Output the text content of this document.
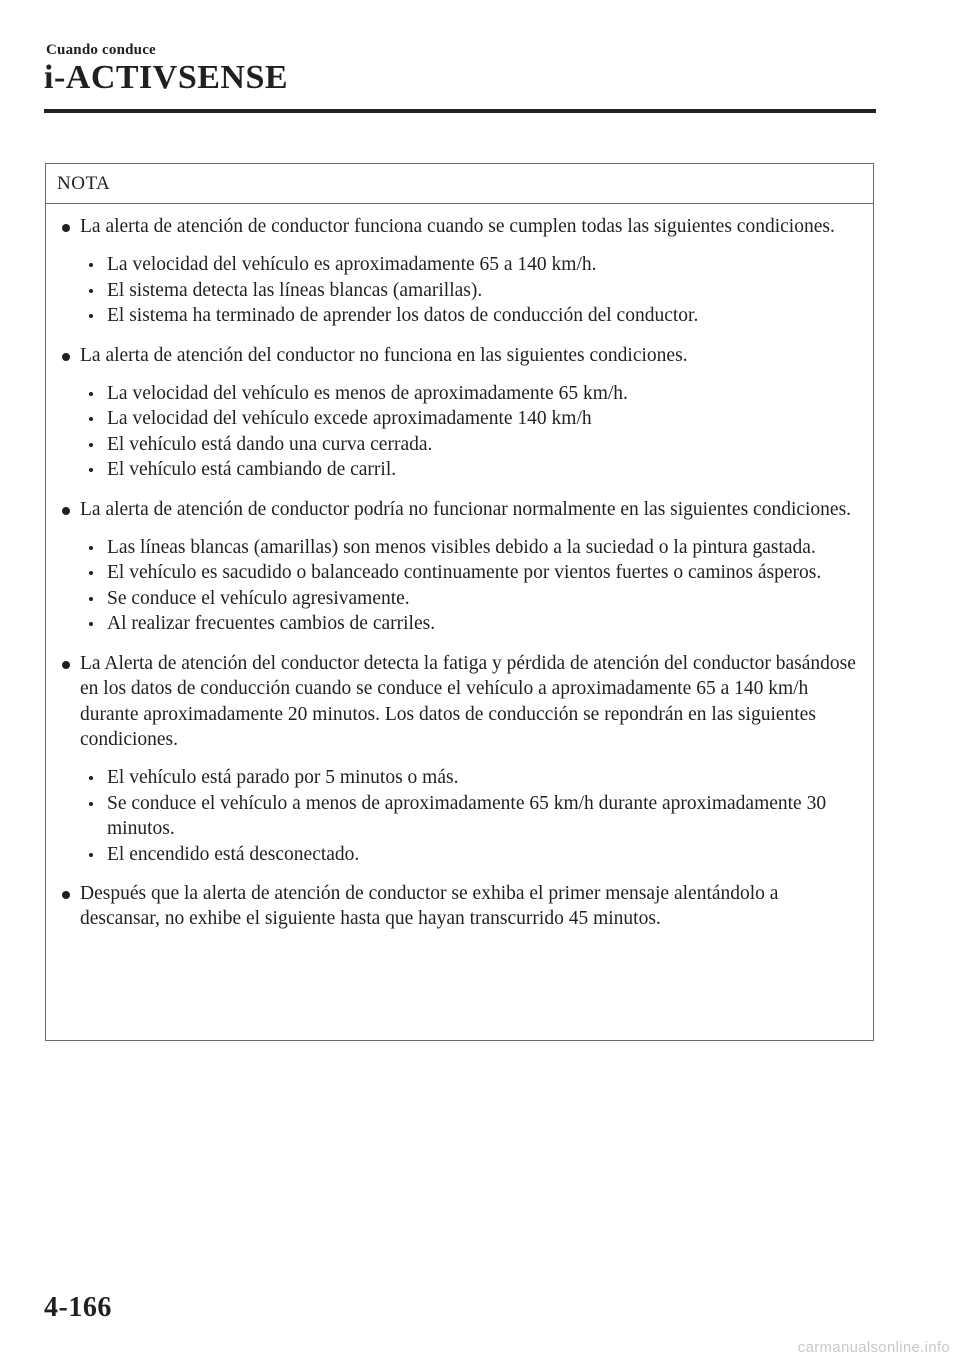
Cuando conduce
i-ACTIVSENSE
NOTA
La alerta de atención de conductor funciona cuando se cumplen todas las siguientes condiciones.
La velocidad del vehículo es aproximadamente 65 a 140 km/h.
El sistema detecta las líneas blancas (amarillas).
El sistema ha terminado de aprender los datos de conducción del conductor.
La alerta de atención del conductor no funciona en las siguientes condiciones.
La velocidad del vehículo es menos de aproximadamente 65 km/h.
La velocidad del vehículo excede aproximadamente 140 km/h
El vehículo está dando una curva cerrada.
El vehículo está cambiando de carril.
La alerta de atención de conductor podría no funcionar normalmente en las siguientes condiciones.
Las líneas blancas (amarillas) son menos visibles debido a la suciedad o la pintura gastada.
El vehículo es sacudido o balanceado continuamente por vientos fuertes o caminos ásperos.
Se conduce el vehículo agresivamente.
Al realizar frecuentes cambios de carriles.
La Alerta de atención del conductor detecta la fatiga y pérdida de atención del conductor basándose en los datos de conducción cuando se conduce el vehículo a aproximadamente 65 a 140 km/h durante aproximadamente 20 minutos. Los datos de conducción se repondrán en las siguientes condiciones.
El vehículo está parado por 5 minutos o más.
Se conduce el vehículo a menos de aproximadamente 65 km/h durante aproximadamente 30 minutos.
El encendido está desconectado.
Después que la alerta de atención de conductor se exhiba el primer mensaje alentándolo a descansar, no exhibe el siguiente hasta que hayan transcurrido 45 minutos.
4-166
carmanualsonline.info
